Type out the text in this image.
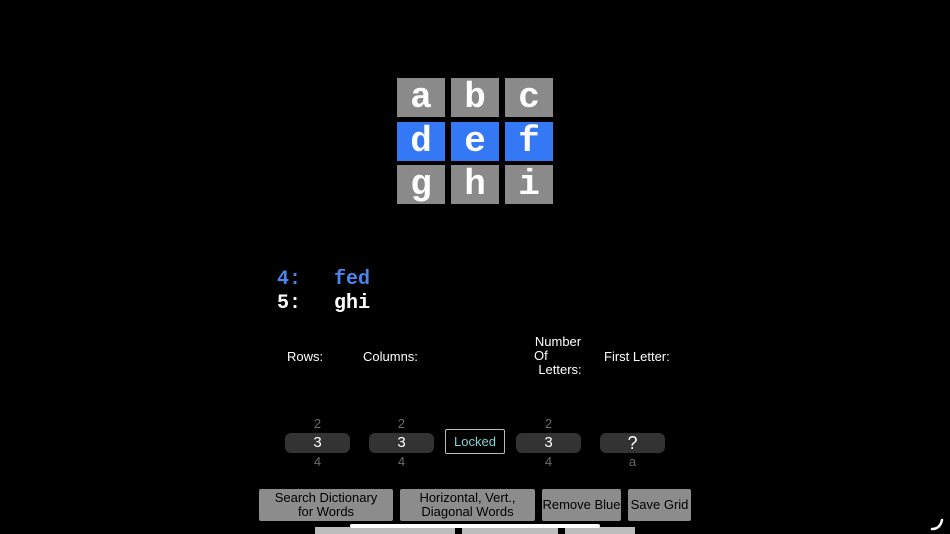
a b c
d e f
g h i
4:	fed
5:	ghi
Rows:	Columns:
Number
Of
Letters:
First Letter:
2
3
4
2
3
4
Locked
2
3
4
?
a
Search Dictionary
for Words
Horizontal, Vert.,
Diagonal Words Remove Blue Save Grid
